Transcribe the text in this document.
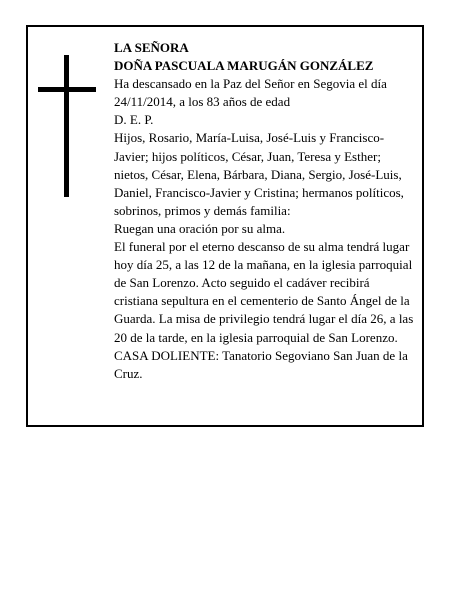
LA SEÑORA

DOÑA PASCUALA MARUGÁN GONZÁLEZ

Ha descansado en la Paz del Señor en Segovia el día 24/11/2014, a los 83 años de edad

D. E. P.

Hijos, Rosario, María-Luisa, José-Luis y Francisco-Javier; hijos políticos, César, Juan, Teresa y Esther; nietos, César, Elena, Bárbara, Diana, Sergio, José-Luis, Daniel, Francisco-Javier y Cristina; hermanos políticos, sobrinos, primos y demás familia:

Ruegan una oración por su alma.

El funeral por el eterno descanso de su alma tendrá lugar hoy día 25, a las 12 de la mañana, en la iglesia parroquial de San Lorenzo. Acto seguido el cadáver recibirá cristiana sepultura en el cementerio de Santo Ángel de la Guarda. La misa de privilegio tendrá lugar el día 26, a las 20 de la tarde, en la iglesia parroquial de San Lorenzo.

CASA DOLIENTE: Tanatorio Segoviano San Juan de la Cruz.
